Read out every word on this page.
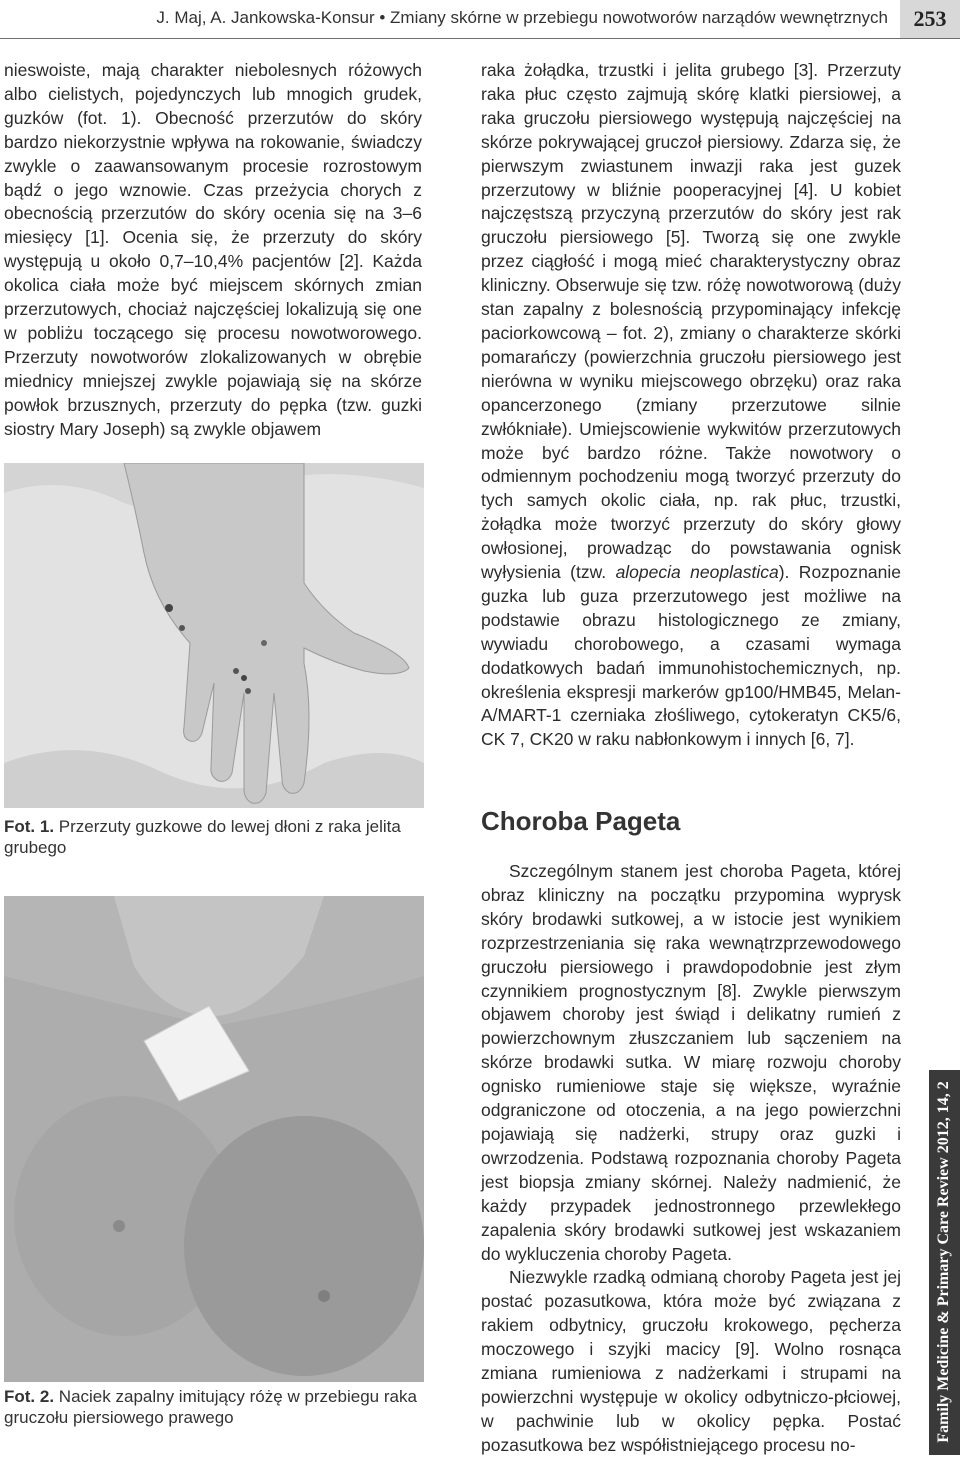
J. Maj, A. Jankowska-Konsur • Zmiany skórne w przebiegu nowotworów narządów wewnętrznych	253

nieswoiste, mają charakter niebolesnych różowych albo cielistych, pojedynczych lub mnogich grudek, guzków (fot. 1). Obecność przerzutów do skóry bardzo niekorzystnie wpływa na rokowanie, świadczy zwykle o zaawansowanym procesie rozrostowym bądź o jego wznowie. Czas przeżycia chorych z obecnością przerzutów do skóry ocenia się na 3–6 miesięcy [1]. Ocenia się, że przerzuty do skóry występują u około 0,7–10,4% pacjentów [2]. Każda okolica ciała może być miejscem skórnych zmian przerzutowych, chociaż najczęściej lokalizują się one w pobliżu toczącego się procesu nowotworowego. Przerzuty nowotworów zlokalizowanych w obrębie miednicy mniejszej zwykle pojawiają się na skórze powłok brzusznych, przerzuty do pępka (tzw. guzki siostry Mary Joseph) są zwykle objawem

Fot. 1. Przerzuty guzkowe do lewej dłoni z raka jelita grubego
Fot. 2. Naciek zapalny imitujący różę w przebiegu raka gruczołu piersiowego prawego

raka żołądka, trzustki i jelita grubego [3]. Przerzuty raka płuc często zajmują skórę klatki piersiowej, a raka gruczołu piersiowego występują najczęściej na skórze pokrywającej gruczoł piersiowy. Zdarza się, że pierwszym zwiastunem inwazji raka jest guzek przerzutowy w bliźnie pooperacyjnej [4]. U kobiet najczęstszą przyczyną przerzutów do skóry jest rak gruczołu piersiowego [5]. Tworzą się one zwykle przez ciągłość i mogą mieć charakterystyczny obraz kliniczny. Obserwuje się tzw. różę nowotworową (duży stan zapalny z bolesnością przypominający infekcję paciorkowcową – fot. 2), zmiany o charakterze skórki pomarańczy (powierzchnia gruczołu piersiowego jest nierówna w wyniku miejscowego obrzęku) oraz raka opancerzonego (zmiany przerzutowe silnie zwłókniałe). Umiejscowienie wykwitów przerzutowych może być bardzo różne. Także nowotwory o odmiennym pochodzeniu mogą tworzyć przerzuty do tych samych okolic ciała, np. rak płuc, trzustki, żołądka może tworzyć przerzuty do skóry głowy owłosionej, prowadząc do powstawania ognisk wyłysienia (tzw. alopecia neoplastica). Rozpoznanie guzka lub guza przerzutowego jest możliwe na podstawie obrazu histologicznego ze zmiany, wywiadu chorobowego, a czasami wymaga dodatkowych badań immunohistochemicznych, np. określenia ekspresji markerów gp100/HMB45, Melan-A/MART-1 czerniaka złośliwego, cytokeratyn CK5/6, CK 7, CK20 w raku nabłonkowym i innych [6, 7].

Choroba Pageta

Szczególnym stanem jest choroba Pageta, której obraz kliniczny na początku przypomina wyprysk skóry brodawki sutkowej, a w istocie jest wynikiem rozprzestrzeniania się raka wewnątrzprzewodowego gruczołu piersiowego i prawdopodobnie jest złym czynnikiem prognostycznym [8]. Zwykle pierwszym objawem choroby jest świąd i delikatny rumień z powierzchownym złuszczaniem lub sączeniem na skórze brodawki sutka. W miarę rozwoju choroby ognisko rumieniowe staje się większe, wyraźnie odgraniczone od otoczenia, a na jego powierzchni pojawiają się nadżerki, strupy oraz guzki i owrzodzenia. Podstawą rozpoznania choroby Pageta jest biopsja zmiany skórnej. Należy nadmienić, że każdy przypadek jednostronnego przewlekłego zapalenia skóry brodawki sutkowej jest wskazaniem do wykluczenia choroby Pageta.

Niezwykle rzadką odmianą choroby Pageta jest jej postać pozasutkowa, która może być związana z rakiem odbytnicy, gruczołu krokowego, pęcherza moczowego i szyjki macicy [9]. Wolno rosnąca zmiana rumieniowa z nadżerkami i strupami na powierzchni występuje w okolicy odbytniczo-płciowej, w pachwinie lub w okolicy pępka. Postać pozasutkowa bez współistniejącego procesu no-

Family Medicine & Primary Care Review 2012, 14, 2
